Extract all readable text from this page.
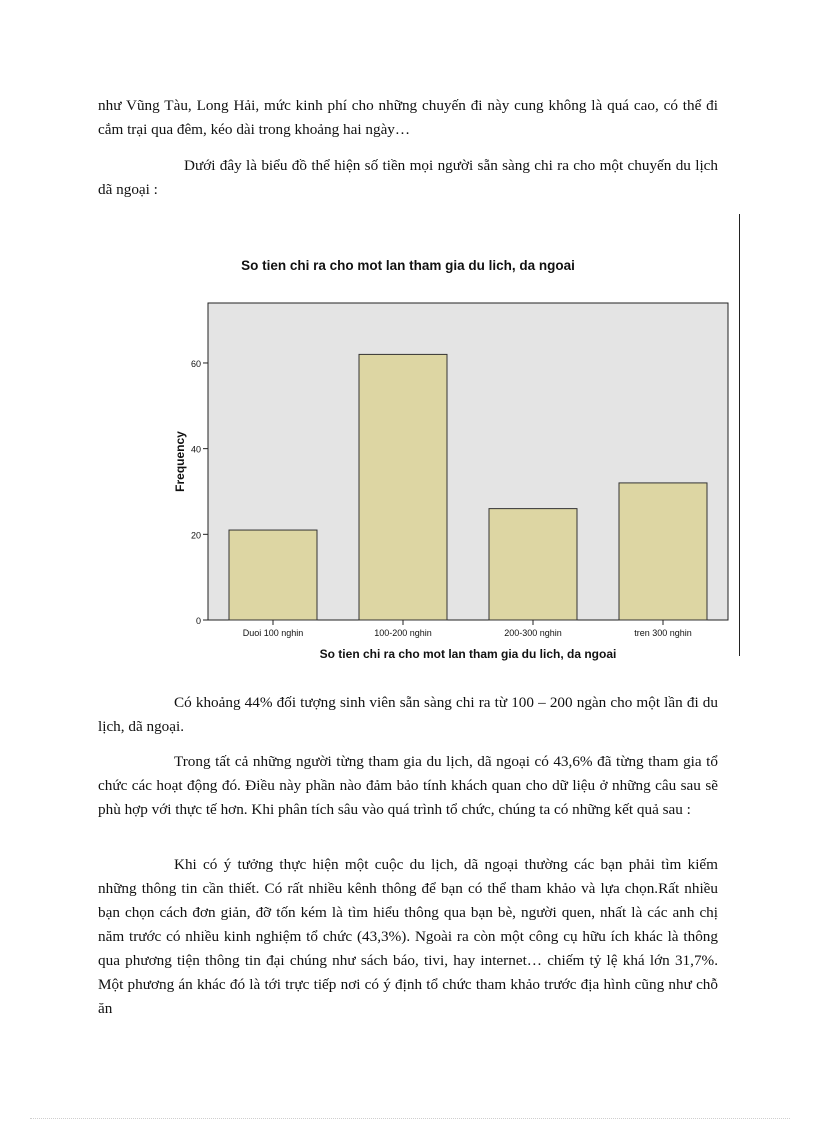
như Vũng Tàu, Long Hải, mức kinh phí cho những chuyến đi này cung không là quá cao, có thể đi cắm trại qua đêm, kéo dài trong khoảng hai ngày…
Dưới đây là biểu đồ thể hiện số tiền mọi người sẵn sàng chi ra cho một chuyến du lịch dã ngoại :
So tien chi ra cho mot lan tham gia du lich, da ngoai
0
20
40
60
Duoi 100 nghin	100-200 nghin	200-300 nghin	tren 300 nghin
So tien chi ra cho mot lan tham gia du lich, da ngoai
Frequency
Có khoảng 44% đối tượng sinh viên sẵn sàng chi ra từ 100 – 200 ngàn cho một lần đi du lịch, dã ngoại.
Trong tất cả những người từng tham gia du lịch, dã ngoại có 43,6% đã từng tham gia tổ chức các hoạt động đó. Điều này phần nào đảm bảo tính khách quan cho dữ liệu ở những câu sau sẽ phù hợp với thực tế hơn. Khi phân tích sâu vào quá trình tổ chức, chúng ta có những kết quả sau :
Khi có ý tưởng thực hiện một cuộc du lịch, dã ngoại thường các bạn phải tìm kiếm những thông tin cần thiết. Có rất nhiều kênh thông để bạn có thể tham khảo và lựa chọn.Rất nhiều bạn chọn cách đơn giản, đỡ tốn kém là tìm hiểu thông qua bạn bè, người quen, nhất là các anh chị năm trước có nhiều kinh nghiệm tổ chức (43,3%). Ngoài ra còn một công cụ hữu ích khác là thông qua phương tiện thông tin đại chúng như sách báo, tivi, hay internet… chiếm tỷ lệ khá lớn 31,7%. Một phương án khác đó là tới trực tiếp nơi có ý định tổ chức tham khảo trước địa hình cũng như chỗ ăn
